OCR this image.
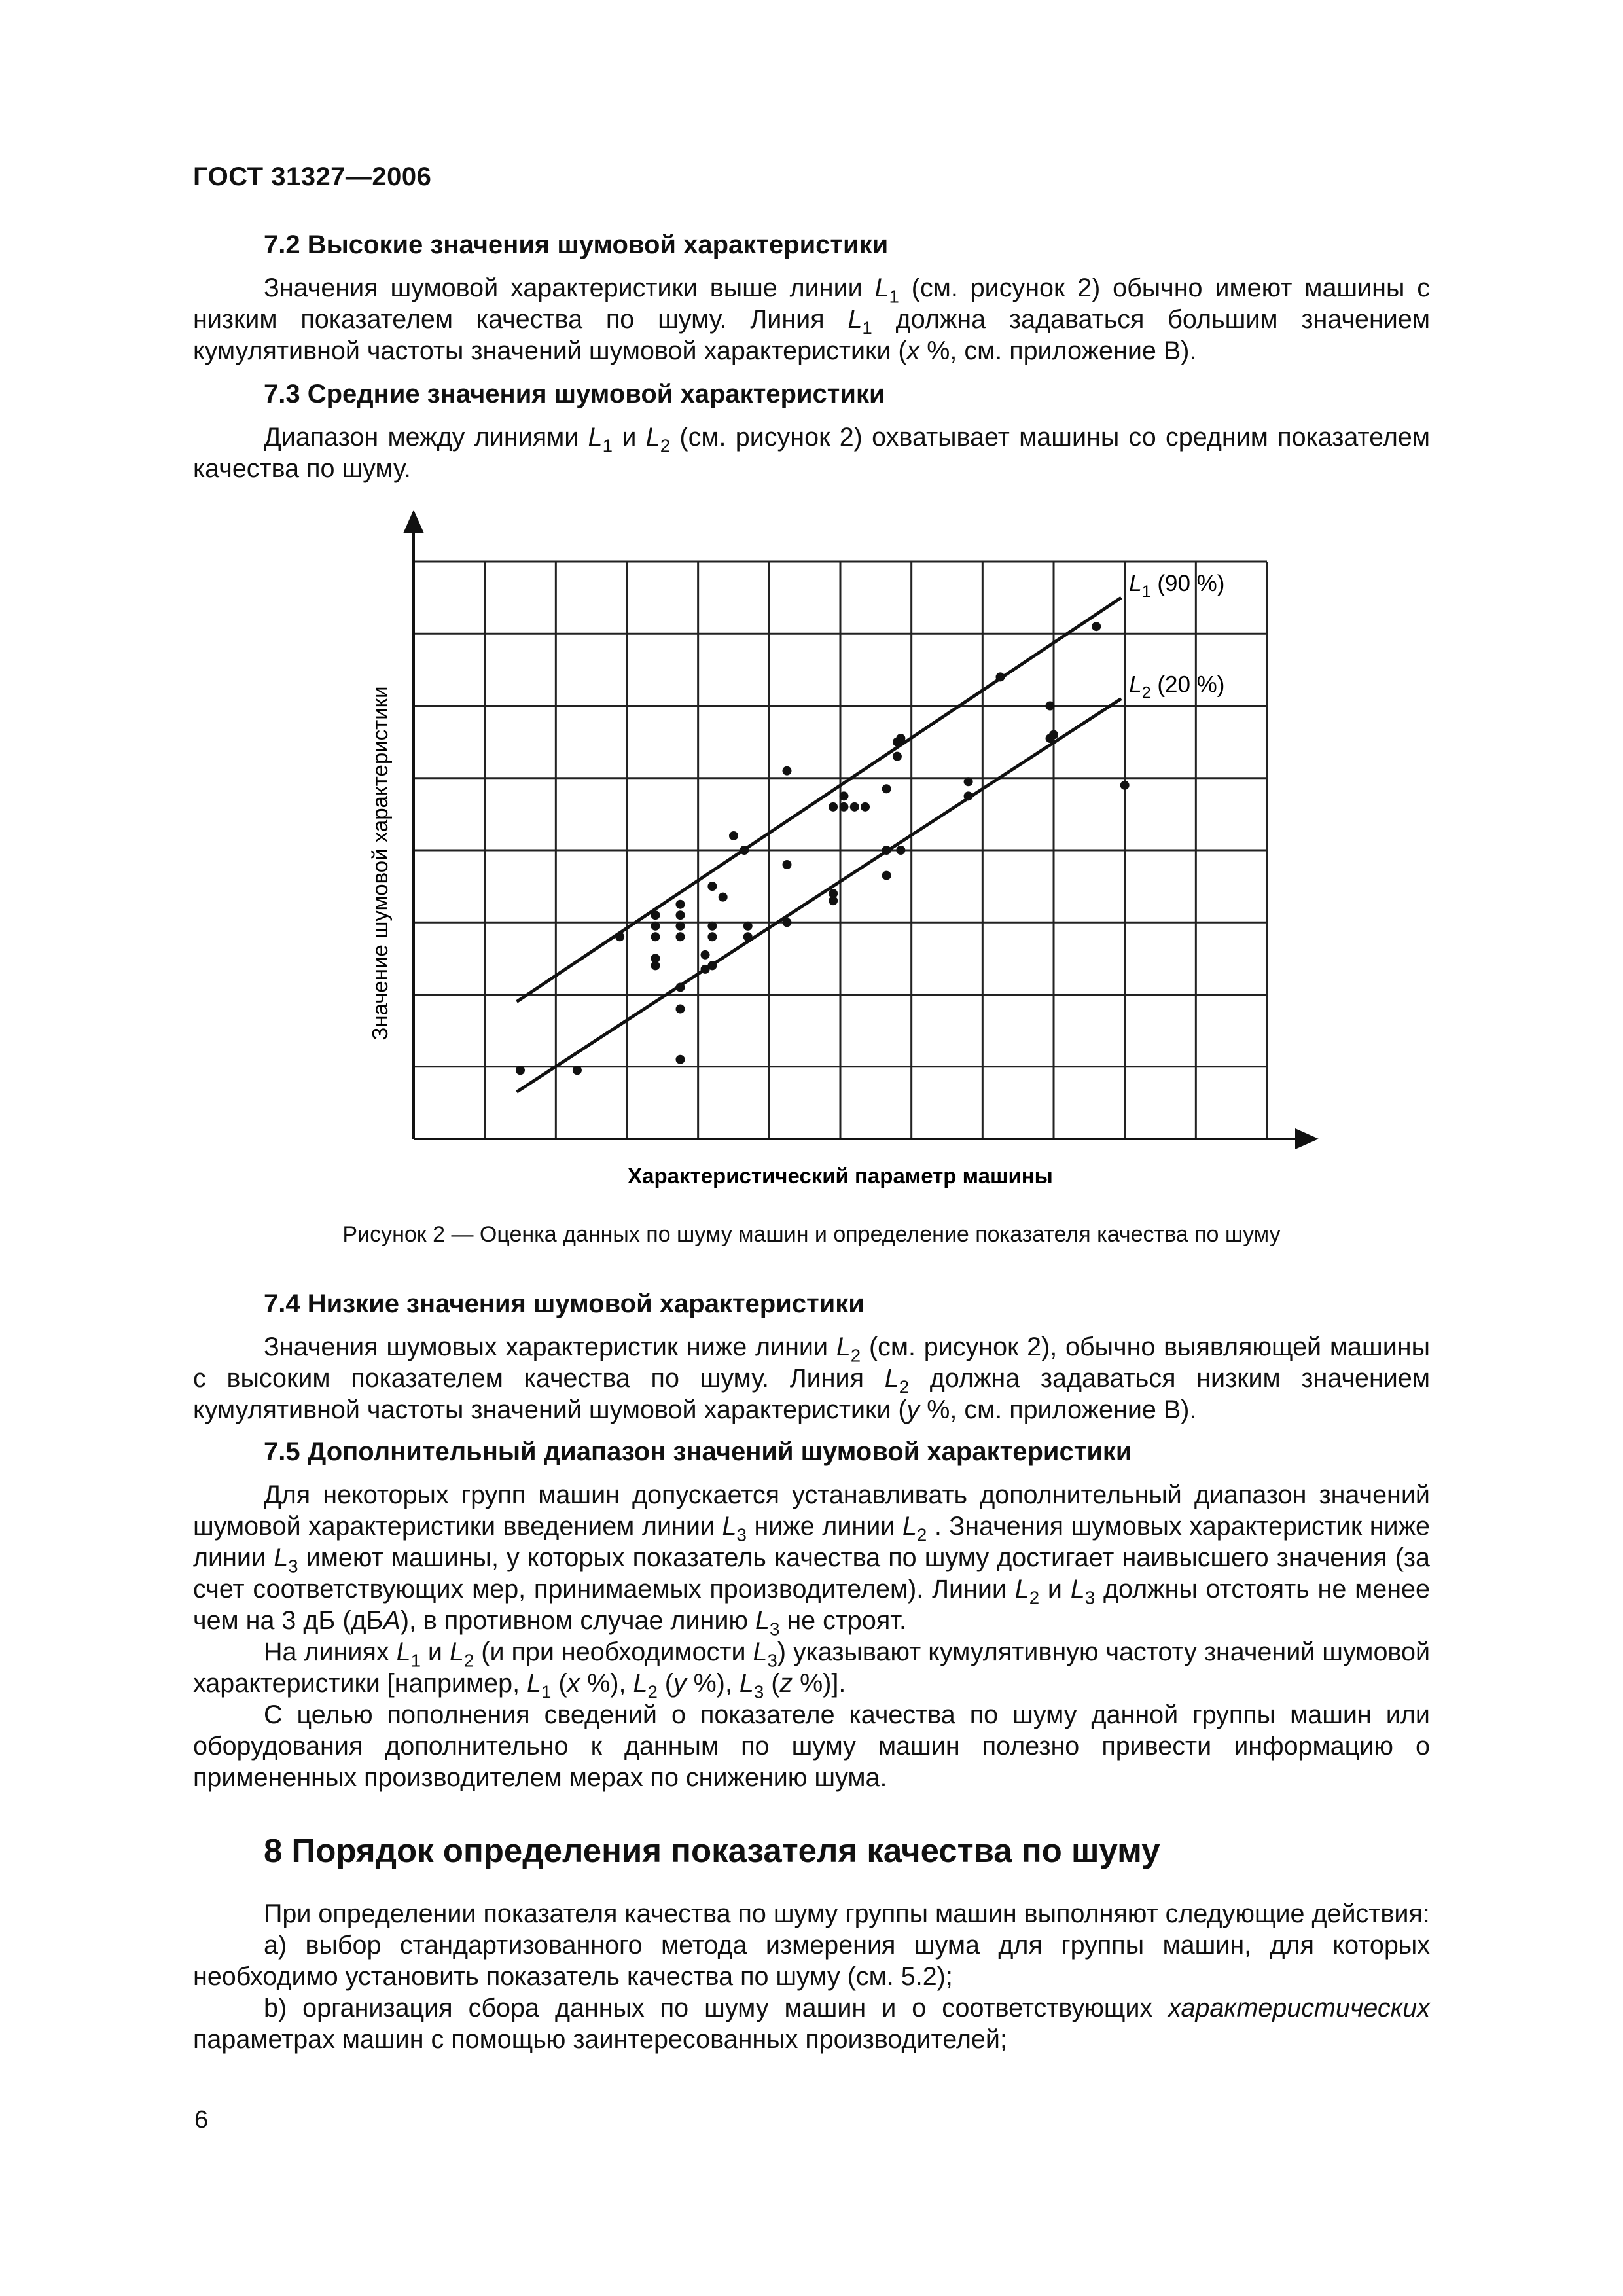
ГОСТ 31327—2006
7.2 Высокие значения шумовой характеристики

Значения шумовой характеристики выше линии $L_1$ (см. рисунок 2) обычно имеют машины с низким показателем качества по шуму. Линия $L_1$ должна задаваться большим значением кумулятивной частоты значений шумовой характеристики (x %, см. приложение В).

7.3 Средние значения шумовой характеристики

Диапазон между линиями $L_1$ и $L_2$ (см. рисунок 2) охватывает машины со средним показателем качества по шуму.

$L_1$ (90 %)
$L_2$ (20 %)
Значение шумовой характеристики
Характеристический параметр машины
Рисунок 2 — Оценка данных по шуму машин и определение показателя качества по шуму
7.4 Низкие значения шумовой характеристики

Значения шумовых характеристик ниже линии $L_2$ (см. рисунок 2), обычно выявляющей машины с высоким показателем качества по шуму. Линия $L_2$ должна задаваться низким значением кумулятивной частоты значений шумовой характеристики (y %, см. приложение В).

7.5 Дополнительный диапазон значений шумовой характеристики

Для некоторых групп машин допускается устанавливать дополнительный диапазон значений шумовой характеристики введением линии $L_3$ ниже линии $L_2$ . Значения шумовых характеристик ниже линии $L_3$ имеют машины, у которых показатель качества по шуму достигает наивысшего значения (за счет соответствующих мер, принимаемых производителем). Линии $L_2$ и $L_3$ должны отстоять не менее чем на 3 дБ (дБA), в противном случае линию $L_3$ не строят.

На линиях $L_1$ и $L_2$ (и при необходимости $L_3$) указывают кумулятивную частоту значений шумовой характеристики [например, $L_1$ (x %), $L_2$ (y %), $L_3$ (z %)].

С целью пополнения сведений о показателе качества по шуму данной группы машин или оборудования дополнительно к данным по шуму машин полезно привести информацию о примененных производителем мерах по снижению шума.

8 Порядок определения показателя качества по шуму

При определении показателя качества по шуму группы машин выполняют следующие действия:

a) выбор стандартизованного метода измерения шума для группы машин, для которых необходимо установить показатель качества по шуму (см. 5.2);

b) организация сбора данных по шуму машин и о соответствующих характеристических параметрах машин с помощью заинтересованных производителей;

6
